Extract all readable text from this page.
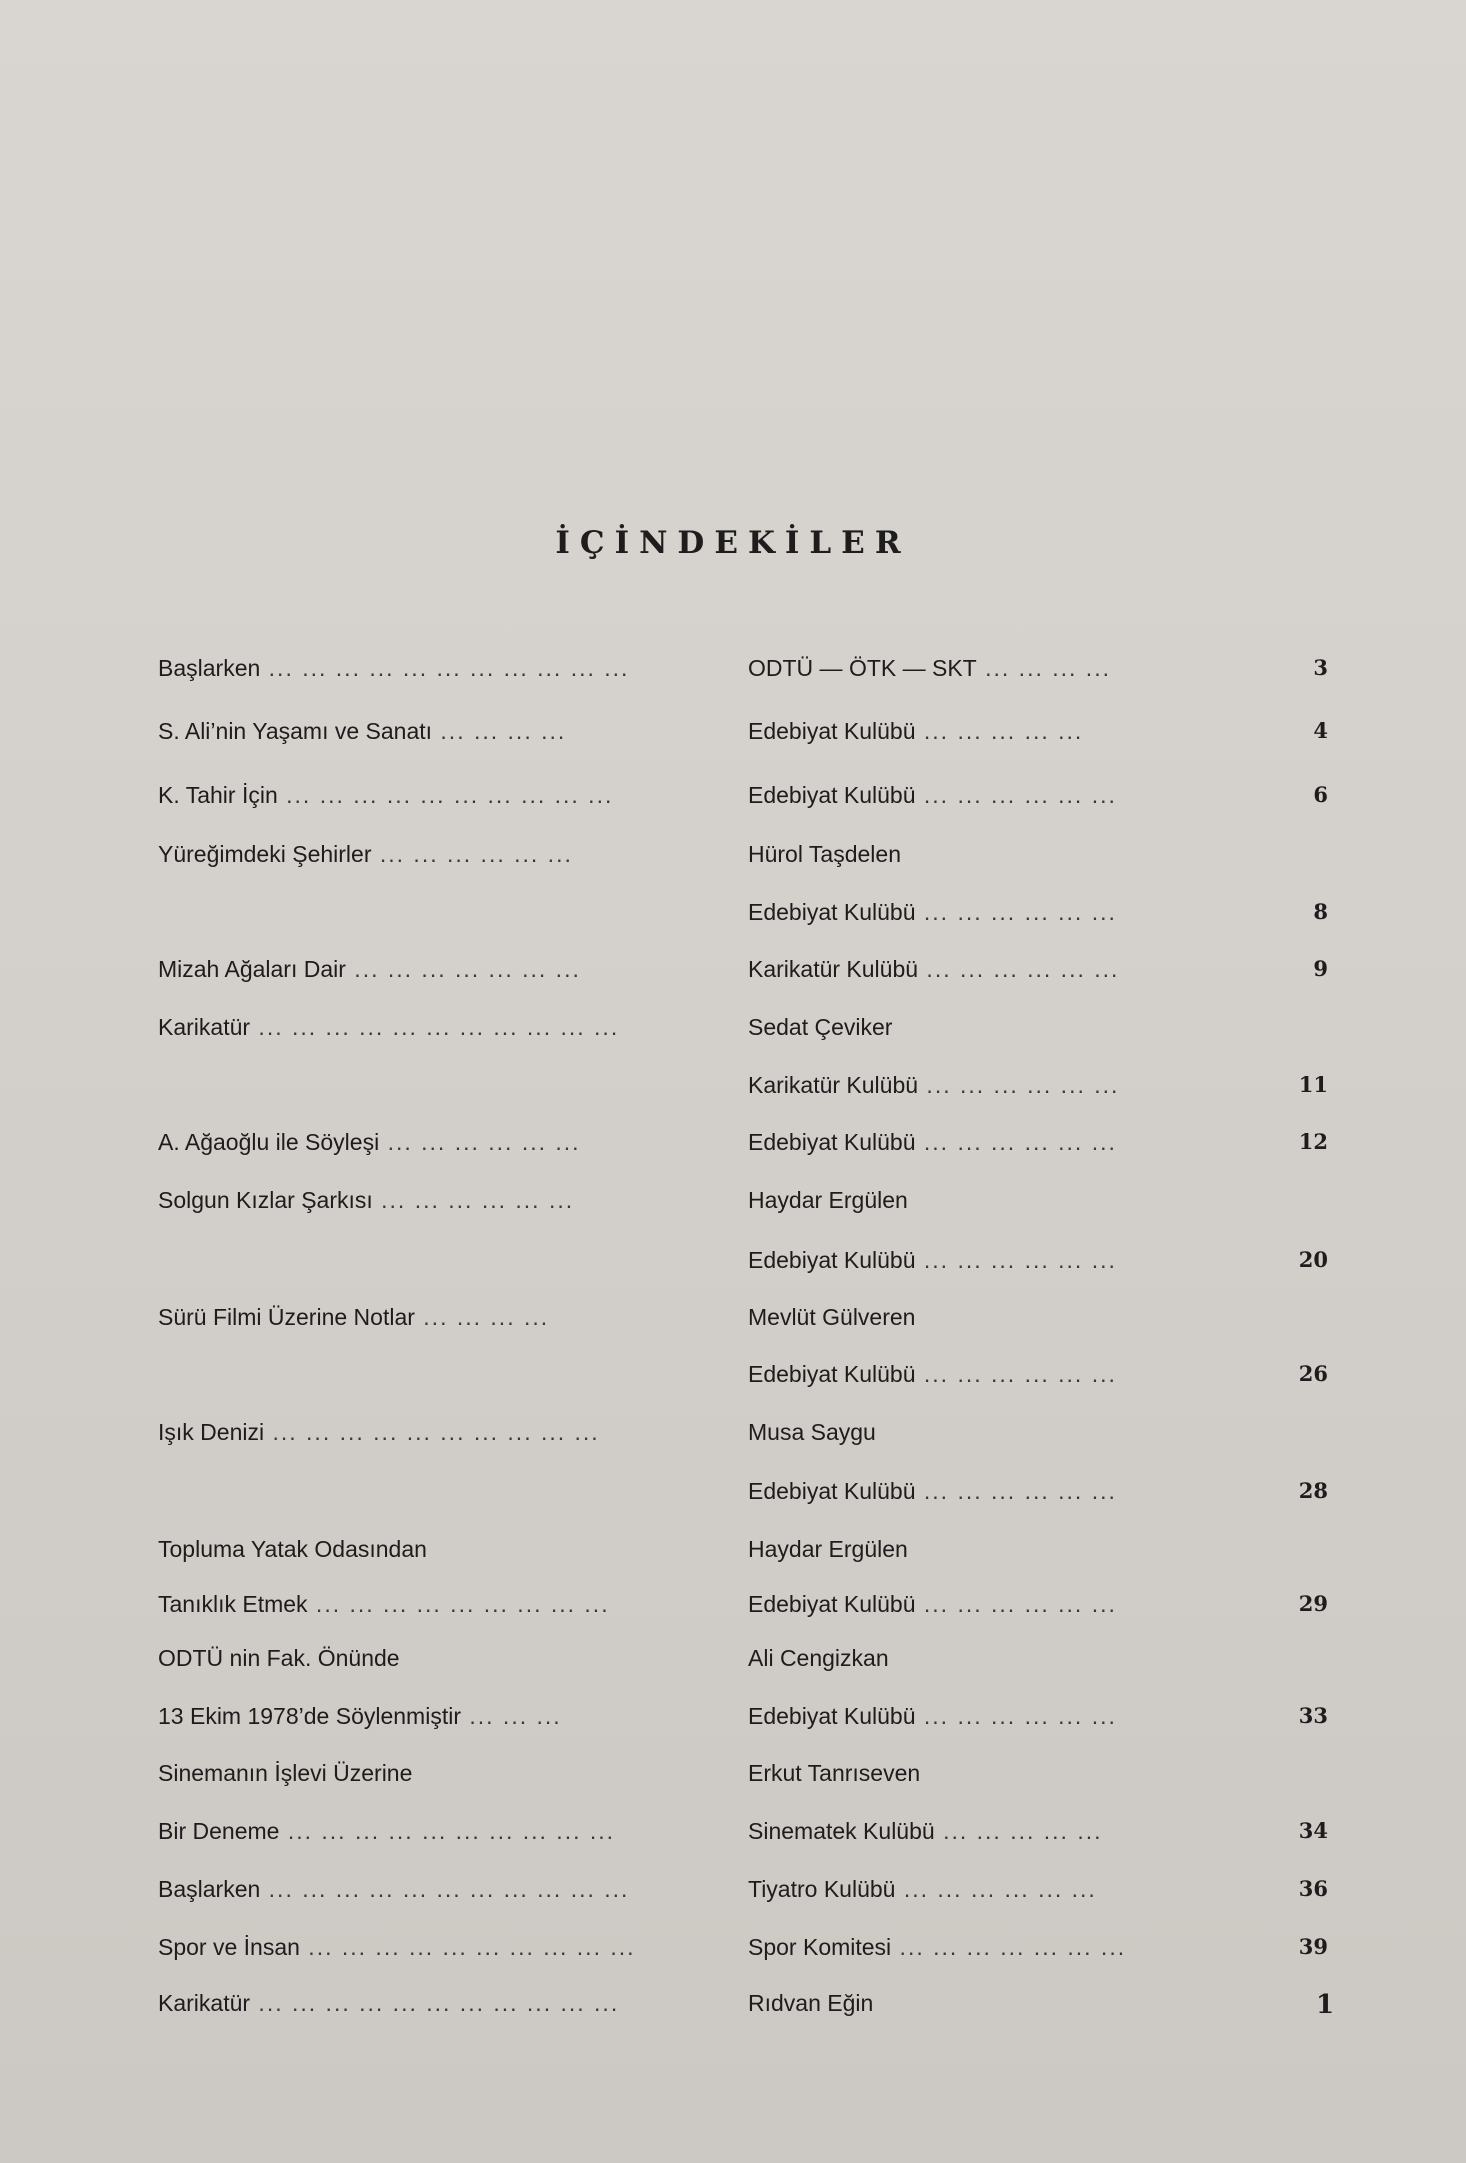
İÇİNDEKİLER
Başlarken ... ... ... ... ... ... ... ... ... ... ...	ODTÜ — ÖTK — SKT ... ... ... ...	3
S. Ali’nin Yaşamı ve Sanatı ... ... ... ...	Edebiyat Kulübü ... ... ... ... ...	4
K. Tahir İçin ... ... ... ... ... ... ... ... ... ...	Edebiyat Kulübü ... ... ... ... ... ...	6
Yüreğimdeki Şehirler ... ... ... ... ... ...	Hürol Taşdelen
Edebiyat Kulübü ... ... ... ... ... ...	8
Mizah Ağaları Dair ... ... ... ... ... ... ...	Karikatür Kulübü ... ... ... ... ... ...	9
Karikatür ... ... ... ... ... ... ... ... ... ... ...	Sedat Çeviker
Karikatür Kulübü ... ... ... ... ... ...	11
A. Ağaoğlu ile Söyleşi ... ... ... ... ... ...	Edebiyat Kulübü ... ... ... ... ... ...	12
Solgun Kızlar Şarkısı ... ... ... ... ... ...	Haydar Ergülen
Edebiyat Kulübü ... ... ... ... ... ...	20
Sürü Filmi Üzerine Notlar ... ... ... ...	Mevlüt Gülveren
Edebiyat Kulübü ... ... ... ... ... ...	26
Işık Denizi ... ... ... ... ... ... ... ... ... ...	Musa Saygu
Edebiyat Kulübü ... ... ... ... ... ...	28
Topluma Yatak Odasından	Haydar Ergülen
Tanıklık Etmek ... ... ... ... ... ... ... ... ...	Edebiyat Kulübü ... ... ... ... ... ...	29
ODTÜ nin Fak. Önünde	Ali Cengizkan
13 Ekim 1978’de Söylenmiştir ... ... ...	Edebiyat Kulübü ... ... ... ... ... ...	33
Sinemanın İşlevi Üzerine	Erkut Tanrıseven
Bir Deneme ... ... ... ... ... ... ... ... ... ...	Sinematek Kulübü ... ... ... ... ...	34
Başlarken ... ... ... ... ... ... ... ... ... ... ...	Tiyatro Kulübü ... ... ... ... ... ...	36
Spor ve İnsan ... ... ... ... ... ... ... ... ... ...	Spor Komitesi ... ... ... ... ... ... ...	39
Karikatür ... ... ... ... ... ... ... ... ... ... ...	Rıdvan Eğin	1
